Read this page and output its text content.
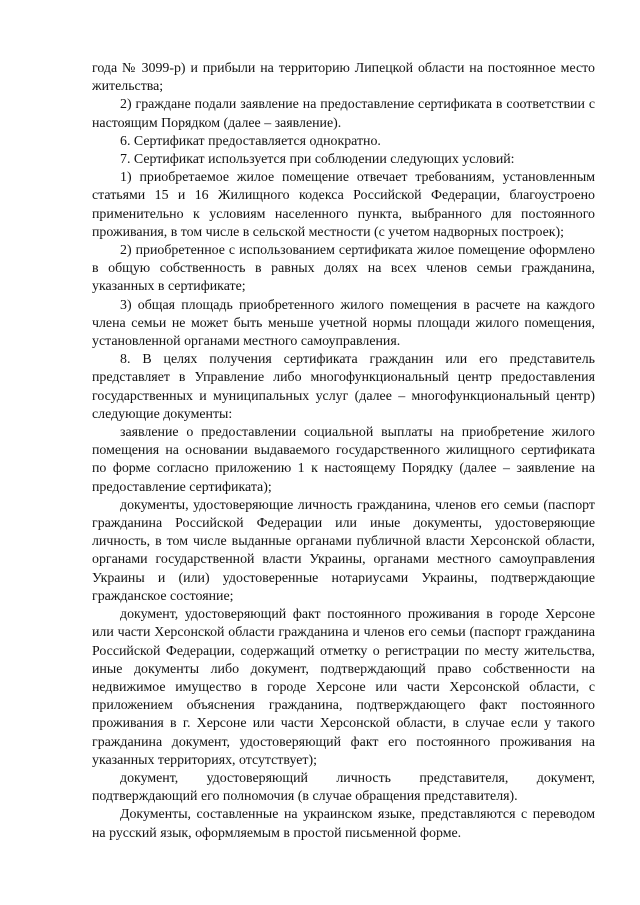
года № 3099-р) и прибыли на территорию Липецкой области на постоянное место жительства;

2) граждане подали заявление на предоставление сертификата в соответствии с настоящим Порядком (далее – заявление).

6. Сертификат предоставляется однократно.

7. Сертификат используется при соблюдении следующих условий:

1) приобретаемое жилое помещение отвечает требованиям, установленным статьями 15 и 16 Жилищного кодекса Российской Федерации, благоустроено применительно к условиям населенного пункта, выбранного для постоянного проживания, в том числе в сельской местности (с учетом надворных построек);

2) приобретенное с использованием сертификата жилое помещение оформлено в общую собственность в равных долях на всех членов семьи гражданина, указанных в сертификате;

3) общая площадь приобретенного жилого помещения в расчете на каждого члена семьи не может быть меньше учетной нормы площади жилого помещения, установленной органами местного самоуправления.

8. В целях получения сертификата гражданин или его представитель представляет в Управление либо многофункциональный центр предоставления государственных и муниципальных услуг (далее – многофункциональный центр) следующие документы:

заявление о предоставлении социальной выплаты на приобретение жилого помещения на основании выдаваемого государственного жилищного сертификата по форме согласно приложению 1 к настоящему Порядку (далее – заявление на предоставление сертификата);

документы, удостоверяющие личность гражданина, членов его семьи (паспорт гражданина Российской Федерации или иные документы, удостоверяющие личность, в том числе выданные органами публичной власти Херсонской области, органами государственной власти Украины, органами местного самоуправления Украины и (или) удостоверенные нотариусами Украины, подтверждающие гражданское состояние;

документ, удостоверяющий факт постоянного проживания в городе Херсоне или части Херсонской области гражданина и членов его семьи (паспорт гражданина Российской Федерации, содержащий отметку о регистрации по месту жительства, иные документы либо документ, подтверждающий право собственности на недвижимое имущество в городе Херсоне или части Херсонской области, с приложением объяснения гражданина, подтверждающего факт постоянного проживания в г. Херсоне или части Херсонской области, в случае если у такого гражданина документ, удостоверяющий факт его постоянного проживания на указанных территориях, отсутствует);

документ, удостоверяющий личность представителя, документ, подтверждающий его полномочия (в случае обращения представителя).

Документы, составленные на украинском языке, представляются с переводом на русский язык, оформляемым в простой письменной форме.
